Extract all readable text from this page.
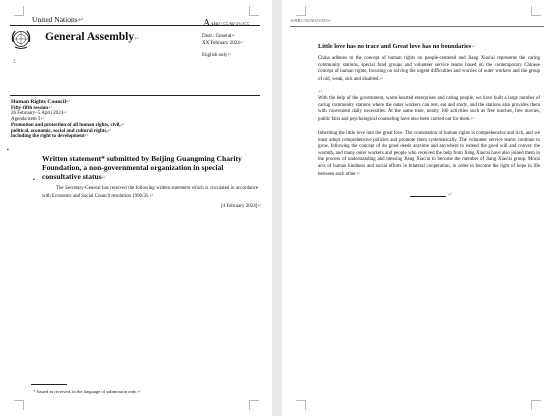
United Nations↵	A/HRC/55/NGO/255
General Assembly↵	Distr.: General↵
XX February 2024↵
English only↵
⚓
Human Rights Council↵
Fifty-fifth session↵
26 February–5 April 2024↵
Agenda item 3↵
Promotion and protection of all human rights, civil,↵
political, economic, social and cultural rights,↵
including the right to development↵
▪
Written statement* submitted by Beijing Guangming Charity
Foundation, a non-governmental organization in special
consultative status↵
▪
The Secretary-General has received the following written statement which is circulated in accordance with Economic and Social Council resolution 1996/31.↵
[4 February 2024]↵
* Issued as received, in the language of submission only.↵
A/HRC/55/NGO/255↵
Little love has no trace and Great love has no boundaries↵
China adheres to the concept of human rights on people-centered and Jiang Xiao'ai represents the caring community stations, special fund groups and volunteer service teams based on the contemporary Chinese concept of human rights, focusing on solving the urgent difficulties and worries of outer workers and the group of old, weak, sick and disabled.↵
↵
With the help of the government, warm-hearted enterprises and caring people, we have built a large number of caring community stations where the outer workers can rest, eat and study, and the stations also provides them with convenient daily necessities. At the same time, nearly 100 activities such as free lunches, free movies, public fairs and psychological counseling have also been carried out for them.↵
Inheriting the little love into the great love. The connotation of human rights is comprehensive and rich, and we must adopt comprehensive policies and promote them systematically. The volunteer service teams continue to grow, following the concept of do good deeds anytime and anywhere to extend the good will and convey the warmth, and many outer workers and people who received the help from Jiang Xiao'ai have also joined them in the process of understanding and blessing Jiang Xiao'ai to become the member of Jiang Xiao'ai group. Moral acts of human kindness and social efforts in bilateral cooperation, in order to become the light of hope in life between each other.↵
↵
